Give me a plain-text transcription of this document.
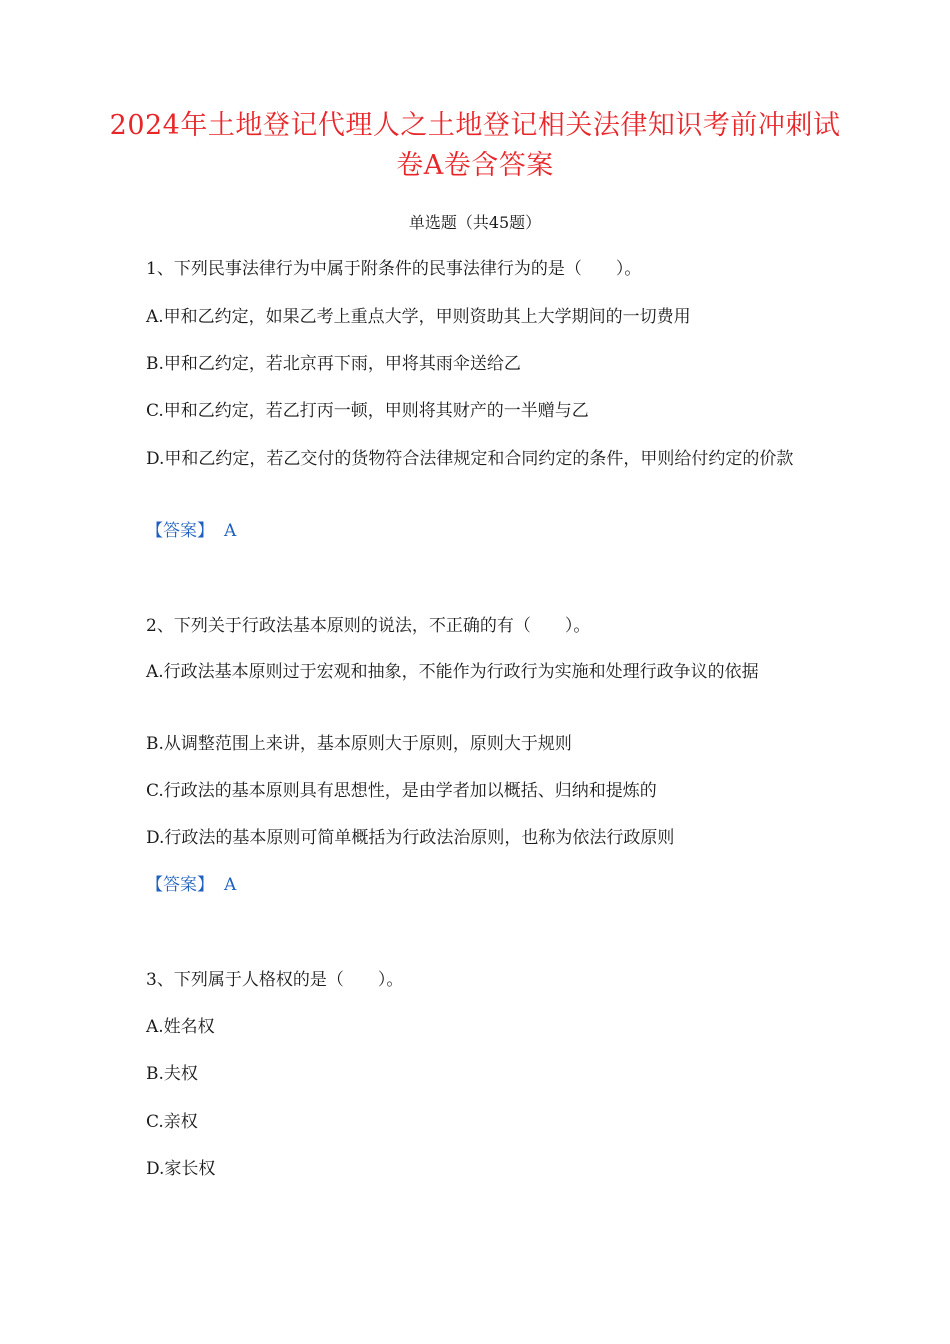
2024年土地登记代理人之土地登记相关法律知识考前冲刺试卷A卷含答案
单选题（共45题）
1、下列民事法律行为中属于附条件的民事法律行为的是（　　）。
A.甲和乙约定，如果乙考上重点大学，甲则资助其上大学期间的一切费用
B.甲和乙约定，若北京再下雨，甲将其雨伞送给乙
C.甲和乙约定，若乙打丙一顿，甲则将其财产的一半赠与乙
D.甲和乙约定，若乙交付的货物符合法律规定和合同约定的条件，甲则给付约定的价款
【答案】 A
2、下列关于行政法基本原则的说法，不正确的有（　　）。
A.行政法基本原则过于宏观和抽象，不能作为行政行为实施和处理行政争议的依据
B.从调整范围上来讲，基本原则大于原则，原则大于规则
C.行政法的基本原则具有思想性，是由学者加以概括、归纳和提炼的
D.行政法的基本原则可简单概括为行政法治原则，也称为依法行政原则
【答案】 A
3、下列属于人格权的是（　　）。
A.姓名权
B.夫权
C.亲权
D.家长权
